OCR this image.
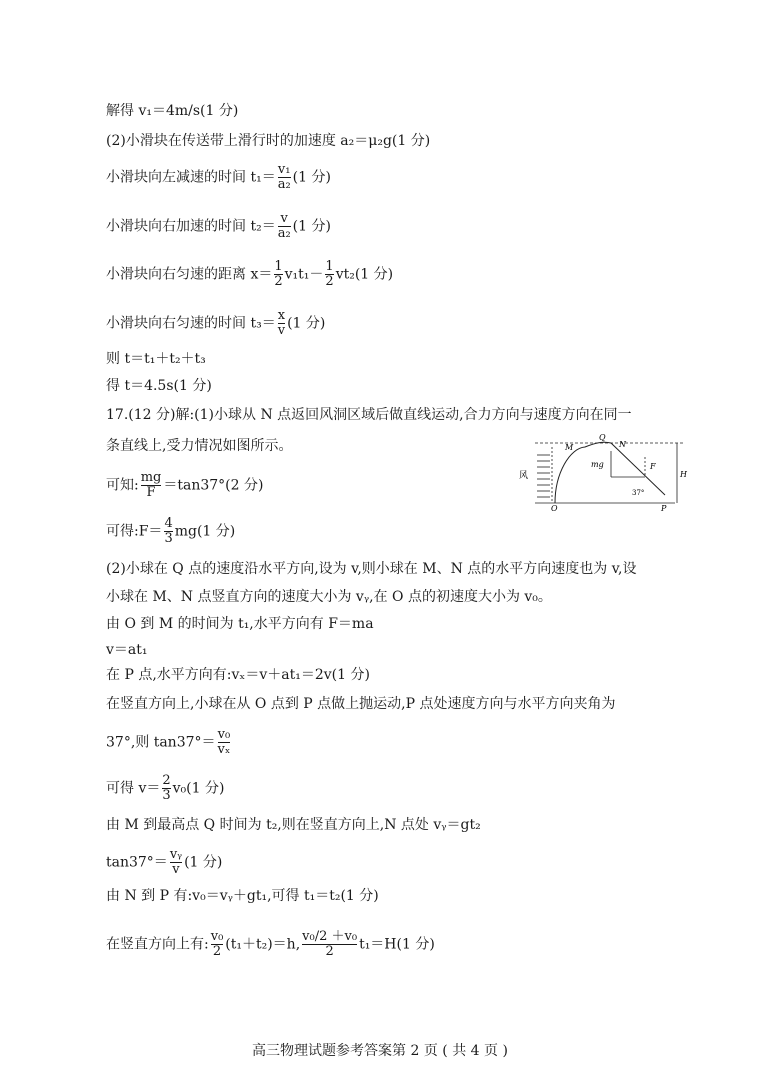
解得 v₁＝4m/s(1 分)
(2)小滑块在传送带上滑行时的加速度 a₂＝μ₂g(1 分)
小滑块向左减速的时间 $t_1= \frac{\text{v₁}}{\text{a₂}} (1$ 分)
小滑块向右加速的时间 $t_2= \frac{v}{\text{a₂}} (1$ 分)
小滑块向右匀速的距离 $x= \frac{1}{2} v_1t_1- \frac{1}{2} vt_2(1$ 分)
小滑块向右匀速的时间 $t_3= \frac{x}{v} (1$ 分)
则 t＝t₁＋t₂＋t₃
得 t＝4.5s(1 分)
17.(12 分)解:(1)小球从 N 点返回风洞区域后做直线运动,合力方向与速度方向在同一
条直线上,受力情况如图所示。
可知: $\frac{mg}{F} =\tan 37^\circ(2$ 分)
可得:F＝ $\frac{4}{3} mg(1$ 分)
(2)小球在 Q 点的速度沿水平方向,设为 v,则小球在 M、N 点的水平方向速度也为 v,设
小球在 M、N 点竖直方向的速度大小为 vᵧ,在 O 点的初速度大小为 v₀。
由 O 到 M 的时间为 t₁,水平方向有 F＝ma
v＝at₁
在 P 点,水平方向有:vₓ＝v＋at₁＝2v(1 分)
在竖直方向上,小球在从 O 点到 P 点做上抛运动,P 点处速度方向与水平方向夹角为
37°,则 $\tan 37^\circ= \frac{\text{v₀}}{\text{vₓ}}$
可得 $v= \frac{2}{3} v_0(1$ 分)
由 M 到最高点 Q 时间为 t₂,则在竖直方向上,N 点处 vᵧ＝gt₂
$\tan 37^\circ= \frac{\text{vᵧ}}{v} (1$ 分)
由 N 到 P 有:v₀＝vᵧ＋gt₁,可得 t₁＝t₂(1 分)
在竖直方向上有: $\frac{\text{v₀}}{2} (t_1+t_2)=h$, $\frac{\text{v₀/2 ＋v₀}}{2} t_1=H(1$ 分)
风
M
Q
N
mg	F
H
37°
O	P
高三物理试题参考答案第 2 页 ( 共 4 页 )
